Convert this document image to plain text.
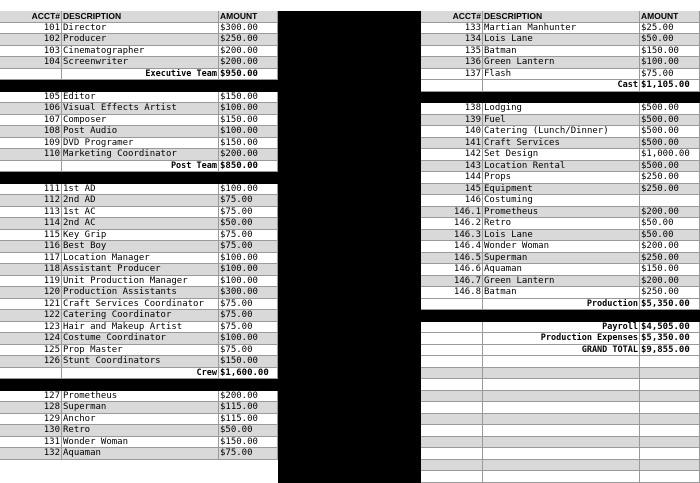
ACCT# DESCRIPTION	AMOUNT
101 Director	$300.00
102 Producer	$250.00
103 Cinematographer	$200.00
104 Screenwriter	$200.00
Executive Team $950.00
105 Editor	$150.00
106 Visual Effects Artist	$100.00
107 Composer	$150.00
108 Post Audio	$100.00
109 DVD Programer	$150.00
110 Marketing Coordinator	$200.00
Post Team $850.00
111 1st AD	$100.00
112 2nd AD	$75.00
113 1st AC	$75.00
114 2nd AC	$50.00
115 Key Grip	$75.00
116 Best Boy	$75.00
117 Location Manager	$100.00
118 Assistant Producer	$100.00
119 Unit Production Manager	$100.00
120 Production Assistants	$300.00
121 Craft Services Coordinator	$75.00
122 Catering Coordinator	$75.00
123 Hair and Makeup Artist	$75.00
124 Costume Coordinator	$100.00
125 Prop Master	$75.00
126 Stunt Coordinators	$150.00
Crew $1,600.00
127 Prometheus	$200.00
128 Superman	$115.00
129 Anchor	$115.00
130 Retro	$50.00
131 Wonder Woman	$150.00
132 Aquaman	$75.00
ACCT# DESCRIPTION	AMOUNT
133 Martian Manhunter	$25.00
134 Lois Lane	$50.00
135 Batman	$150.00
136 Green Lantern	$100.00
137 Flash	$75.00
Cast $1,105.00
138 Lodging	$500.00
139 Fuel	$500.00
140 Catering (Lunch/Dinner)	$500.00
141 Craft Services	$500.00
142 Set Design	$1,000.00
143 Location Rental	$500.00
144 Props	$250.00
145 Equipment	$250.00
146 Costuming
146.1 Prometheus	$200.00
146.2 Retro	$50.00
146.3 Lois Lane	$50.00
146.4 Wonder Woman	$200.00
146.5 Superman	$250.00
146.6 Aquaman	$150.00
146.7 Green Lantern	$200.00
146.8 Batman	$250.00
Production $5,350.00
Payroll $4,505.00
Production Expenses $5,350.00
GRAND TOTAL $9,855.00
